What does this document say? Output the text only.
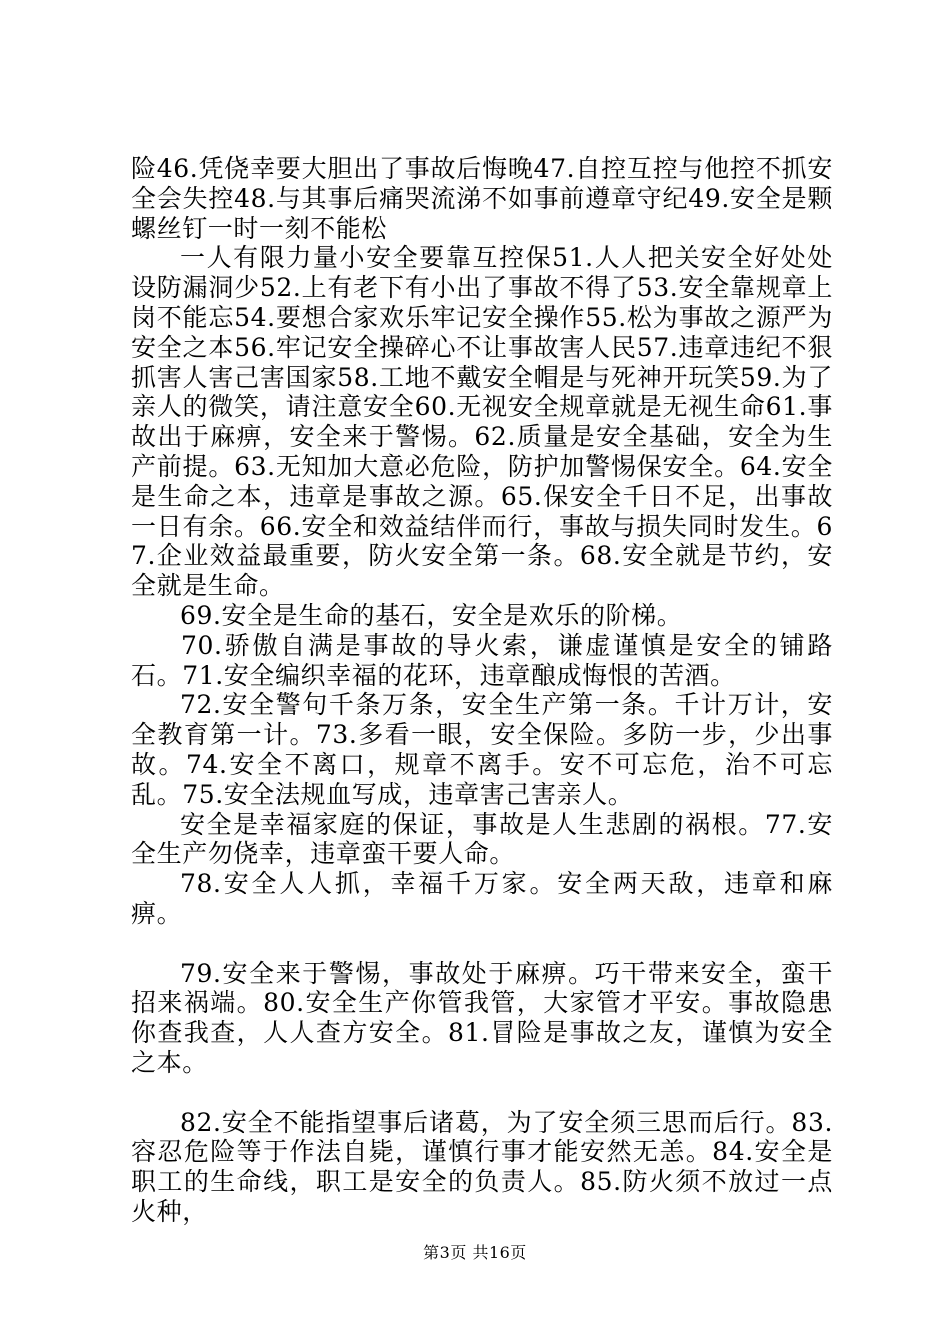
险46.凭侥幸要大胆出了事故后悔晚47.自控互控与他控不抓安全会失控48.与其事后痛哭流涕不如事前遵章守纪49.安全是颗螺丝钉一时一刻不能松

一人有限力量小安全要靠互控保51.人人把关安全好处处设防漏洞少52.上有老下有小出了事故不得了53.安全靠规章上岗不能忘54.要想合家欢乐牢记安全操作55.松为事故之源严为安全之本56.牢记安全操碎心不让事故害人民57.违章违纪不狠抓害人害己害国家58.工地不戴安全帽是与死神开玩笑59.为了亲人的微笑，请注意安全60.无视安全规章就是无视生命61.事故出于麻痹，安全来于警惕。62.质量是安全基础，安全为生产前提。63.无知加大意必危险，防护加警惕保安全。64.安全是生命之本，违章是事故之源。65.保安全千日不足，出事故一日有余。66.安全和效益结伴而行，事故与损失同时发生。67.企业效益最重要，防火安全第一条。68.安全就是节约，安全就是生命。

69.安全是生命的基石，安全是欢乐的阶梯。

70.骄傲自满是事故的导火索，谦虚谨慎是安全的铺路石。71.安全编织幸福的花环，违章酿成悔恨的苦酒。

72.安全警句千条万条，安全生产第一条。千计万计，安全教育第一计。73.多看一眼，安全保险。多防一步，少出事故。74.安全不离口，规章不离手。安不可忘危，治不可忘乱。75.安全法规血写成，违章害己害亲人。

安全是幸福家庭的保证，事故是人生悲剧的祸根。77.安全生产勿侥幸，违章蛮干要人命。

78.安全人人抓，幸福千万家。安全两天敌，违章和麻痹。

79.安全来于警惕，事故处于麻痹。巧干带来安全，蛮干招来祸端。80.安全生产你管我管，大家管才平安。事故隐患你查我查，人人查方安全。81.冒险是事故之友，谨慎为安全之本。

82.安全不能指望事后诸葛，为了安全须三思而后行。83.容忍危险等于作法自毙，谨慎行事才能安然无恙。84.安全是职工的生命线，职工是安全的负责人。85.防火须不放过一点火种，

第3页 共16页
